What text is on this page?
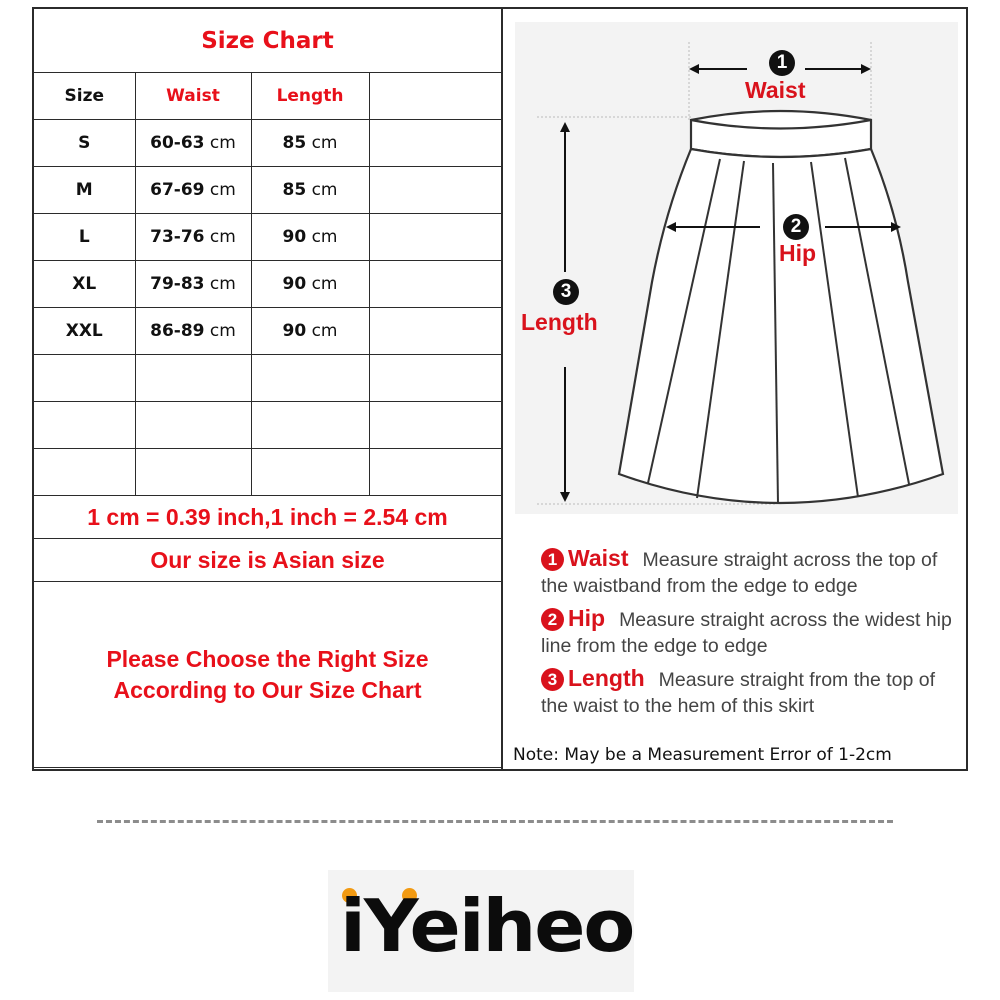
Size Chart			
Size	Waist	Length	
S	60-63 cm	85 cm	
M	67-69 cm	85 cm	
L	73-76 cm	90 cm	
XL	79-83 cm	90 cm	
XXL	86-89 cm	90 cm	

1 cm = 0.39 inch,1 inch = 2.54 cm			
Our size is Asian size			
Please Choose the Right Size
According to Our Size Chart			
1
Waist
2
Hip
3
Length
1 Waist Measure straight across the top of the waistband from the edge to edge
2 Hip Measure straight across the widest hip line from the edge to edge
3 Length Measure straight from the top of the waist to the hem of this skirt
Note: May be a Measurement Error of 1-2cm
iYeiheo
